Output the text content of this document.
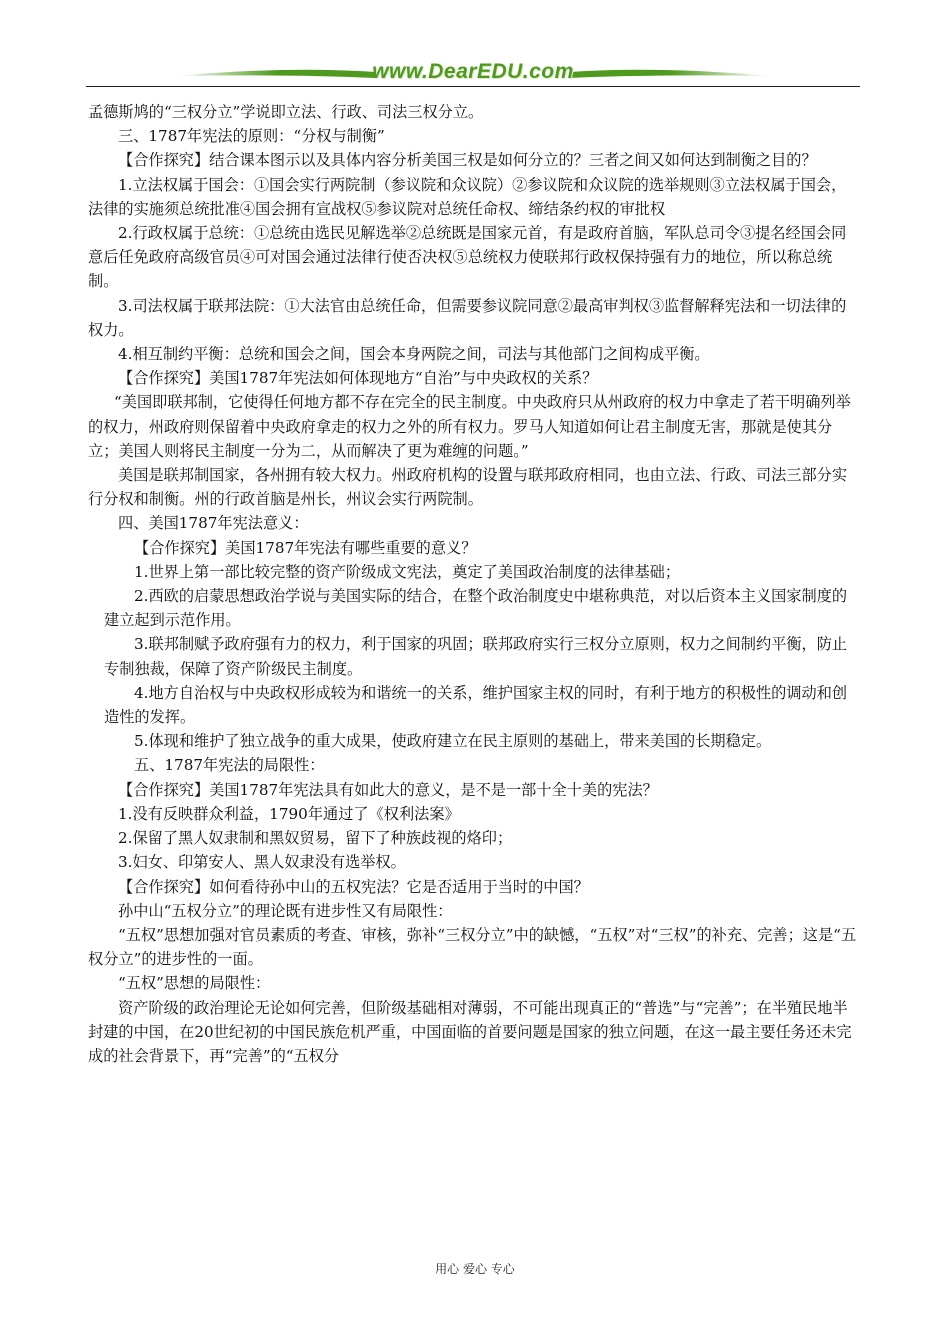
www.DearEDU.com

孟德斯鸠的“三权分立”学说即立法、行政、司法三权分立。

三、1787年宪法的原则：“分权与制衡”

【合作探究】结合课本图示以及具体内容分析美国三权是如何分立的？三者之间又如何达到制衡之目的？

1.立法权属于国会：①国会实行两院制（参议院和众议院）②参议院和众议院的选举规则③立法权属于国会，法律的实施须总统批准④国会拥有宣战权⑤参议院对总统任命权、缔结条约权的审批权

2.行政权属于总统：①总统由选民见解选举②总统既是国家元首，有是政府首脑，军队总司令③提名经国会同意后任免政府高级官员④可对国会通过法律行使否决权⑤总统权力使联邦行政权保持强有力的地位，所以称总统制。

3.司法权属于联邦法院：①大法官由总统任命，但需要参议院同意②最高审判权③监督解释宪法和一切法律的权力。

4.相互制约平衡：总统和国会之间，国会本身两院之间，司法与其他部门之间构成平衡。

【合作探究】美国1787年宪法如何体现地方“自治”与中央政权的关系？

“美国即联邦制，它使得任何地方都不存在完全的民主制度。中央政府只从州政府的权力中拿走了若干明确列举的权力，州政府则保留着中央政府拿走的权力之外的所有权力。罗马人知道如何让君主制度无害，那就是使其分立；美国人则将民主制度一分为二，从而解决了更为难缠的问题。”

美国是联邦制国家，各州拥有较大权力。州政府机构的设置与联邦政府相同，也由立法、行政、司法三部分实行分权和制衡。州的行政首脑是州长，州议会实行两院制。

四、美国1787年宪法意义：

【合作探究】美国1787年宪法有哪些重要的意义？

1.世界上第一部比较完整的资产阶级成文宪法，奠定了美国政治制度的法律基础；

2.西欧的启蒙思想政治学说与美国实际的结合，在整个政治制度史中堪称典范，对以后资本主义国家制度的建立起到示范作用。

3.联邦制赋予政府强有力的权力，利于国家的巩固；联邦政府实行三权分立原则，权力之间制约平衡，防止专制独裁，保障了资产阶级民主制度。

4.地方自治权与中央政权形成较为和谐统一的关系，维护国家主权的同时，有利于地方的积极性的调动和创造性的发挥。

5.体现和维护了独立战争的重大成果，使政府建立在民主原则的基础上，带来美国的长期稳定。

五、1787年宪法的局限性：

【合作探究】美国1787年宪法具有如此大的意义，是不是一部十全十美的宪法？

1.没有反映群众利益，1790年通过了《权利法案》

2.保留了黑人奴隶制和黑奴贸易，留下了种族歧视的烙印；

3.妇女、印第安人、黑人奴隶没有选举权。

【合作探究】如何看待孙中山的五权宪法？它是否适用于当时的中国？

孙中山“五权分立”的理论既有进步性又有局限性：

“五权”思想加强对官员素质的考查、审核，弥补“三权分立”中的缺憾，“五权”对“三权”的补充、完善；这是“五权分立”的进步性的一面。

“五权”思想的局限性：

资产阶级的政治理论无论如何完善，但阶级基础相对薄弱，不可能出现真正的“普选”与“完善”；在半殖民地半封建的中国，在20世纪初的中国民族危机严重，中国面临的首要问题是国家的独立问题，在这一最主要任务还未完成的社会背景下，再“完善”的“五权分

用心 爱心 专心
